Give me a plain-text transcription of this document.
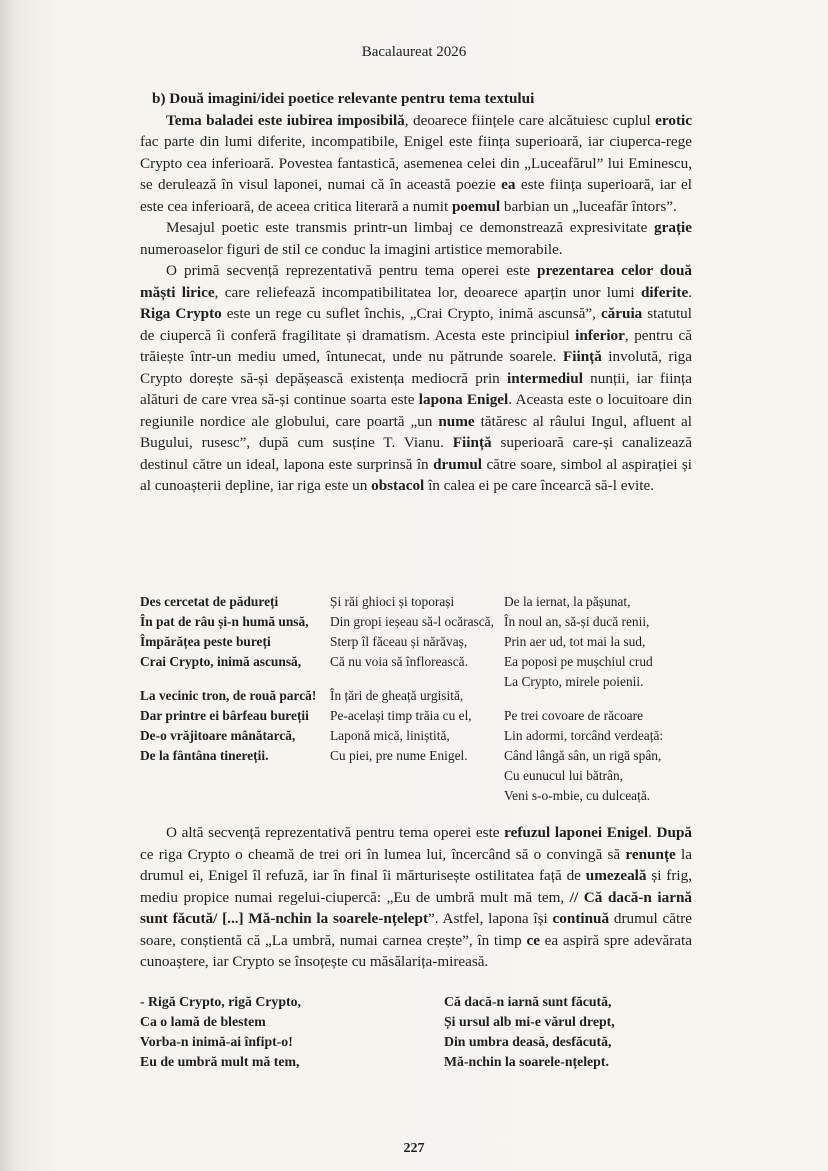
Bacalaureat 2026
b) Două imagini/idei poetice relevante pentru tema textului

Tema baladei este iubirea imposibilă, deoarece ființele care alcătuiesc cuplul erotic fac parte din lumi diferite, incompatibile, Enigel este ființa superioară, iar ciuperca-rege Crypto cea inferioară. Povestea fantastică, asemenea celei din „Luceafărul” lui Eminescu, se derulează în visul laponei, numai că în această poezie ea este ființa superioară, iar el este cea inferioară, de aceea critica literară a numit poemul barbian un „luceafăr întors”.

Mesajul poetic este transmis printr-un limbaj ce demonstrează expresivitate grație numeroaselor figuri de stil ce conduc la imagini artistice memorabile.

O primă secvență reprezentativă pentru tema operei este prezentarea celor două măști lirice, care reliefează incompatibilitatea lor, deoarece aparțin unor lumi diferite. Riga Crypto este un rege cu suflet închis, „Crai Crypto, inimă ascunsă”, căruia statutul de ciupercă îi conferă fragilitate și dramatism. Acesta este principiul inferior, pentru că trăiește într-un mediu umed, întunecat, unde nu pătrunde soarele. Ființă involută, riga Crypto dorește să-și depășească existența mediocră prin intermediul nunții, iar ființa alături de care vrea să-și continue soarta este lapona Enigel. Aceasta este o locuitoare din regiunile nordice ale globului, care poartă „un nume tătăresc al râului Ingul, afluent al Bugului, rusesc”, după cum susține T. Vianu. Ființă superioară care-și canalizează destinul către un ideal, lapona este surprinsă în drumul către soare, simbol al aspirației și al cunoașterii depline, iar riga este un obstacol în calea ei pe care încearcă să-l evite.

Des cercetat de pădureți
În pat de râu și-n humă unsă,
Împărățea peste bureți
Crai Crypto, inimă ascunsă,
La vecinic tron, de rouă parcă!
Dar printre ei bârfeau bureții
De-o vrăjitoare mânătarcă,
De la fântâna tinereții.
Și răi ghioci și toporași
Din gropi ieșeau să-l ocărască,
Sterp îl făceau și nărăvaș,
Că nu voia să înflorească.
În țări de gheață urgisită,
Pe-același timp trăia cu el,
Laponă mică, liniștită,
Cu piei, pre nume Enigel.
De la iernat, la pășunat,
În noul an, să-și ducă renii,
Prin aer ud, tot mai la sud,
Ea poposi pe mușchiul crud
La Crypto, mirele poienii.
Pe trei covoare de răcoare
Lin adormi, torcând verdeață:
Când lângă sân, un rigă spân,
Cu eunucul lui bătrân,
Veni s-o-mbie, cu dulceață.

O altă secvență reprezentativă pentru tema operei este refuzul laponei Enigel. După ce riga Crypto o cheamă de trei ori în lumea lui, încercând să o convingă să renunțe la drumul ei, Enigel îl refuză, iar în final îi mărturisește ostilitatea față de umezeală și frig, mediu propice numai regelui-ciupercă: „Eu de umbră mult mă tem, // Că dacă-n iarnă sunt făcută/ [...] Mă-nchin la soarele-nțelept”. Astfel, lapona își continuă drumul către soare, conștientă că „La umbră, numai carnea crește”, în timp ce ea aspiră spre adevărata cunoaștere, iar Crypto se însoțește cu măsălarița-mireasă.

- Rigă Crypto, rigă Crypto,
Ca o lamă de blestem
Vorba-n inimă-ai înfipt-o!
Eu de umbră mult mă tem,
Că dacă-n iarnă sunt făcută,
Și ursul alb mi-e vărul drept,
Din umbra deasă, desfăcută,
Mă-nchin la soarele-nțelept.
227
